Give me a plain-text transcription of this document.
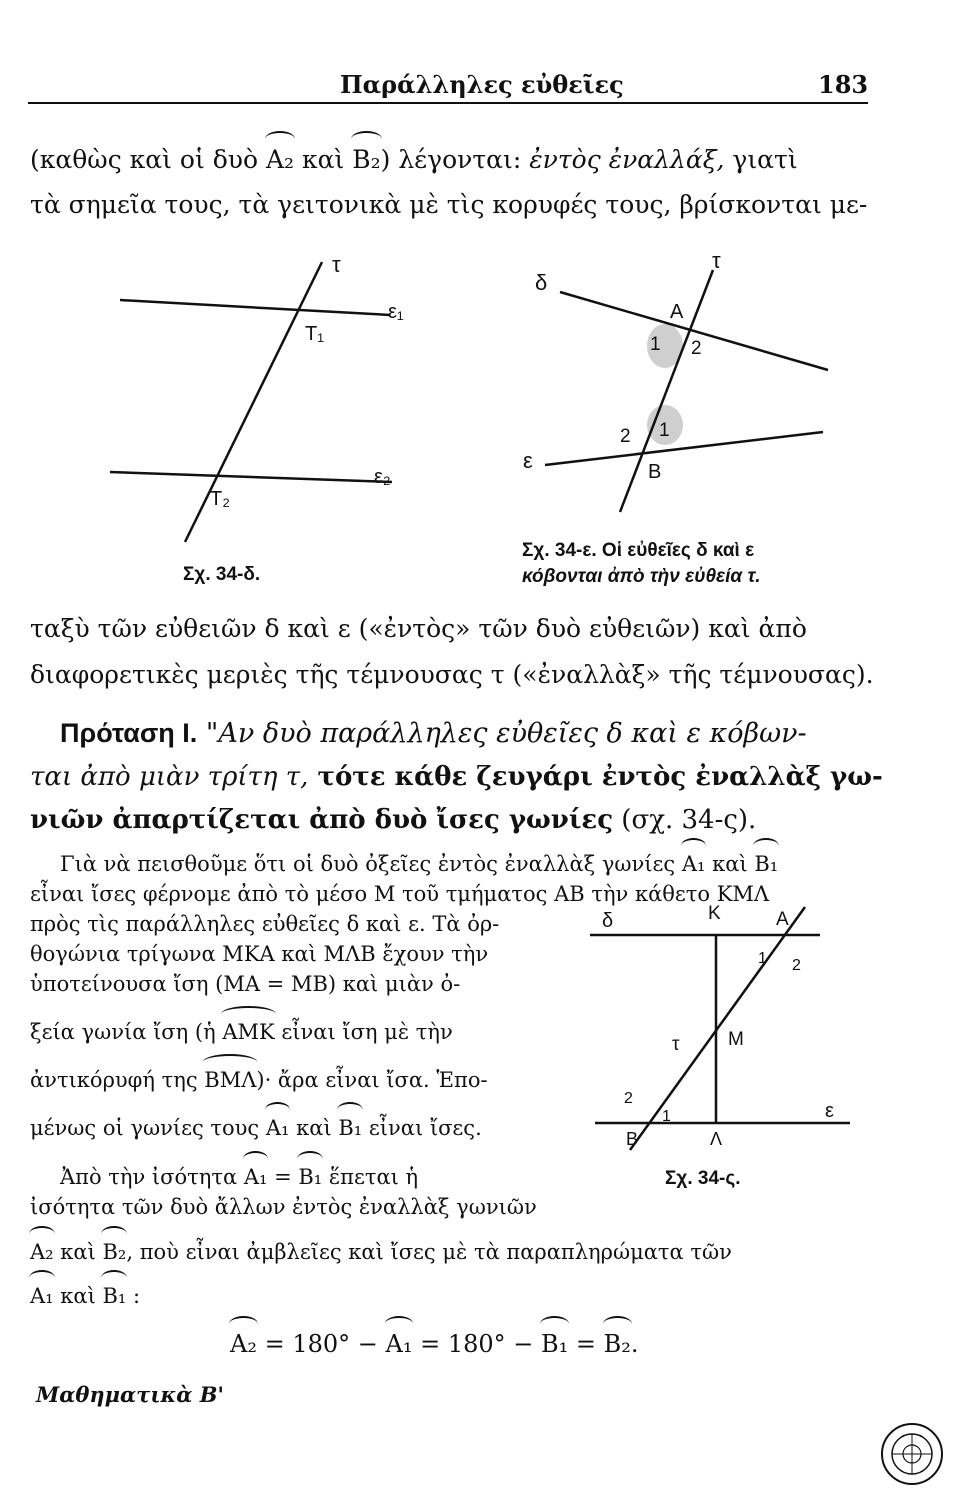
Παράλληλες εὐθεῖες	183
(καθὼς καὶ οἱ δυὸ A₂ καὶ B₂) λέγονται: ἐντὸς ἐναλλάξ, γιατὶ
τὰ σημεῖα τους, τὰ γειτονικὰ μὲ τὶς κορυφές τους, βρίσκονται με-
τ
ε₁
ε₂
T₁
T₂
Σχ. 34-δ.
δ
τ
ε
A
1 2
2 1
B
Σχ. 34-ε. Οἱ εὐθεῖες δ καὶ ε
κόβονται ἀπὸ τὴν εὐθεία τ.
ταξὺ τῶν εὐθειῶν δ καὶ ε («ἐντὸς» τῶν δυὸ εὐθειῶν) καὶ ἀπὸ
διαφορετικὲς μεριὲς τῆς τέμνουσας τ («ἐναλλὰξ» τῆς τέμνουσας).
Πρόταση Ι. "Αν δυὸ παράλληλες εὐθεῖες δ καὶ ε κόβων-
ται ἀπὸ μιὰν τρίτη τ, τότε κάθε ζευγάρι ἐντὸς ἐναλλὰξ γω-
νιῶν ἀπαρτίζεται ἀπὸ δυὸ ἴσες γωνίες (σχ. 34-ς).
Γιὰ νὰ πεισθοῦμε ὅτι οἱ δυὸ ὀξεῖες ἐντὸς ἐναλλὰξ γωνίες A₁ καὶ B₁
εἶναι ἴσες φέρνομε ἀπὸ τὸ μέσο Μ τοῦ τμήματος ΑΒ τὴν κάθετο ΚΜΛ
πρὸς τὶς παράλληλες εὐθεῖες δ καὶ ε. Τὰ ὀρ-
θογώνια τρίγωνα ΜΚΑ καὶ ΜΛΒ ἔχουν τὴν
ὑποτείνουσα ἴση (ΜΑ = ΜΒ) καὶ μιὰν ὀ-
ξεία γωνία ἴση (ἡ ΑΜΚ εἶναι ἴση μὲ τὴν
ἀντικόρυφή της ΒΜΛ)· ἄρα εἶναι ἴσα. Ἑπο-
μένως οἱ γωνίες τους A₁ καὶ B₁ εἶναι ἴσες.
Ἀπὸ τὴν ἰσότητα A₁ = B₁ ἕπεται ἡ
ἰσότητα τῶν δυὸ ἄλλων ἐντὸς ἐναλλὰξ γωνιῶν
A₂ καὶ B₂, ποὺ εἶναι ἀμβλεῖες καὶ ἴσες μὲ τὰ παραπληρώματα τῶν
A₁ καὶ B₁ :
A₂ = 180° − A₁ = 180° − B₁ = B₂.
δ	K	A
1 2
M
τ
ε
2
1
B	Λ
Σχ. 34-ς.
Μαθηματικὰ Β'
